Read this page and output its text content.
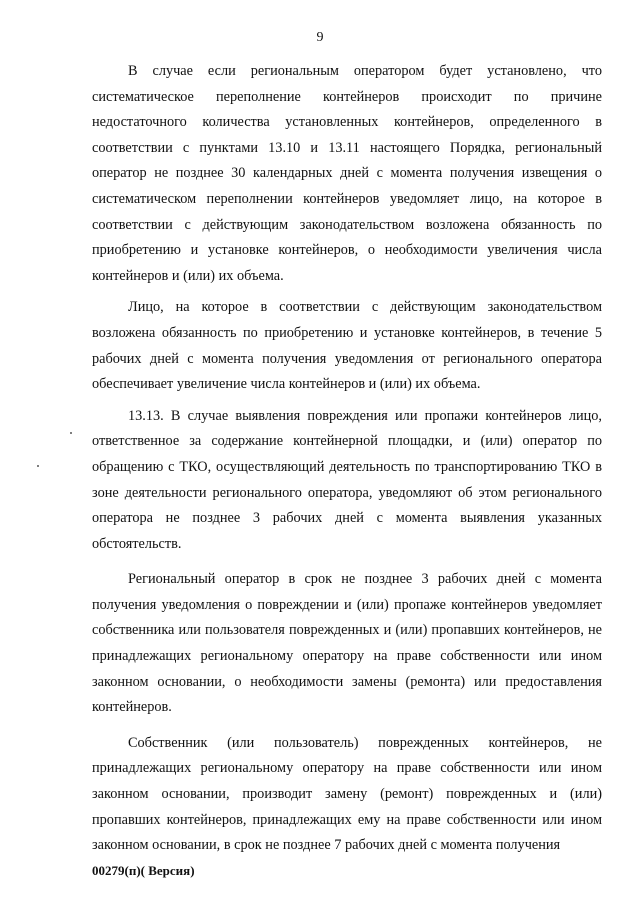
9

В случае если региональным оператором будет установлено, что систематическое переполнение контейнеров происходит по причине недостаточного количества установленных контейнеров, определенного в соответствии с пунктами 13.10 и 13.11 настоящего Порядка, региональный оператор не позднее 30 календарных дней с момента получения извещения о систематическом переполнении контейнеров уведомляет лицо, на которое в соответствии с действующим законодательством возложена обязанность по приобретению и установке контейнеров, о необходимости увеличения числа контейнеров и (или) их объема.

Лицо, на которое в соответствии с действующим законодательством возложена обязанность по приобретению и установке контейнеров, в течение 5 рабочих дней с момента получения уведомления от регионального оператора обеспечивает увеличение числа контейнеров и (или) их объема.

13.13. В случае выявления повреждения или пропажи контейнеров лицо, ответственное за содержание контейнерной площадки, и (или) оператор по обращению с ТКО, осуществляющий деятельность по транспортированию ТКО в зоне деятельности регионального оператора, уведомляют об этом регионального оператора не позднее 3 рабочих дней с момента выявления указанных обстоятельств.

Региональный оператор в срок не позднее 3 рабочих дней с момента получения уведомления о повреждении и (или) пропаже контейнеров уведомляет собственника или пользователя поврежденных и (или) пропавших контейнеров, не принадлежащих региональному оператору на праве собственности или ином законном основании, о необходимости замены (ремонта) или предоставления контейнеров.

Собственник (или пользователь) поврежденных контейнеров, не принадлежащих региональному оператору на праве собственности или ином законном основании, производит замену (ремонт) поврежденных и (или) пропавших контейнеров, принадлежащих ему на праве собственности или ином законном основании, в срок не позднее 7 рабочих дней с момента получения

00279(п)( Версия)
